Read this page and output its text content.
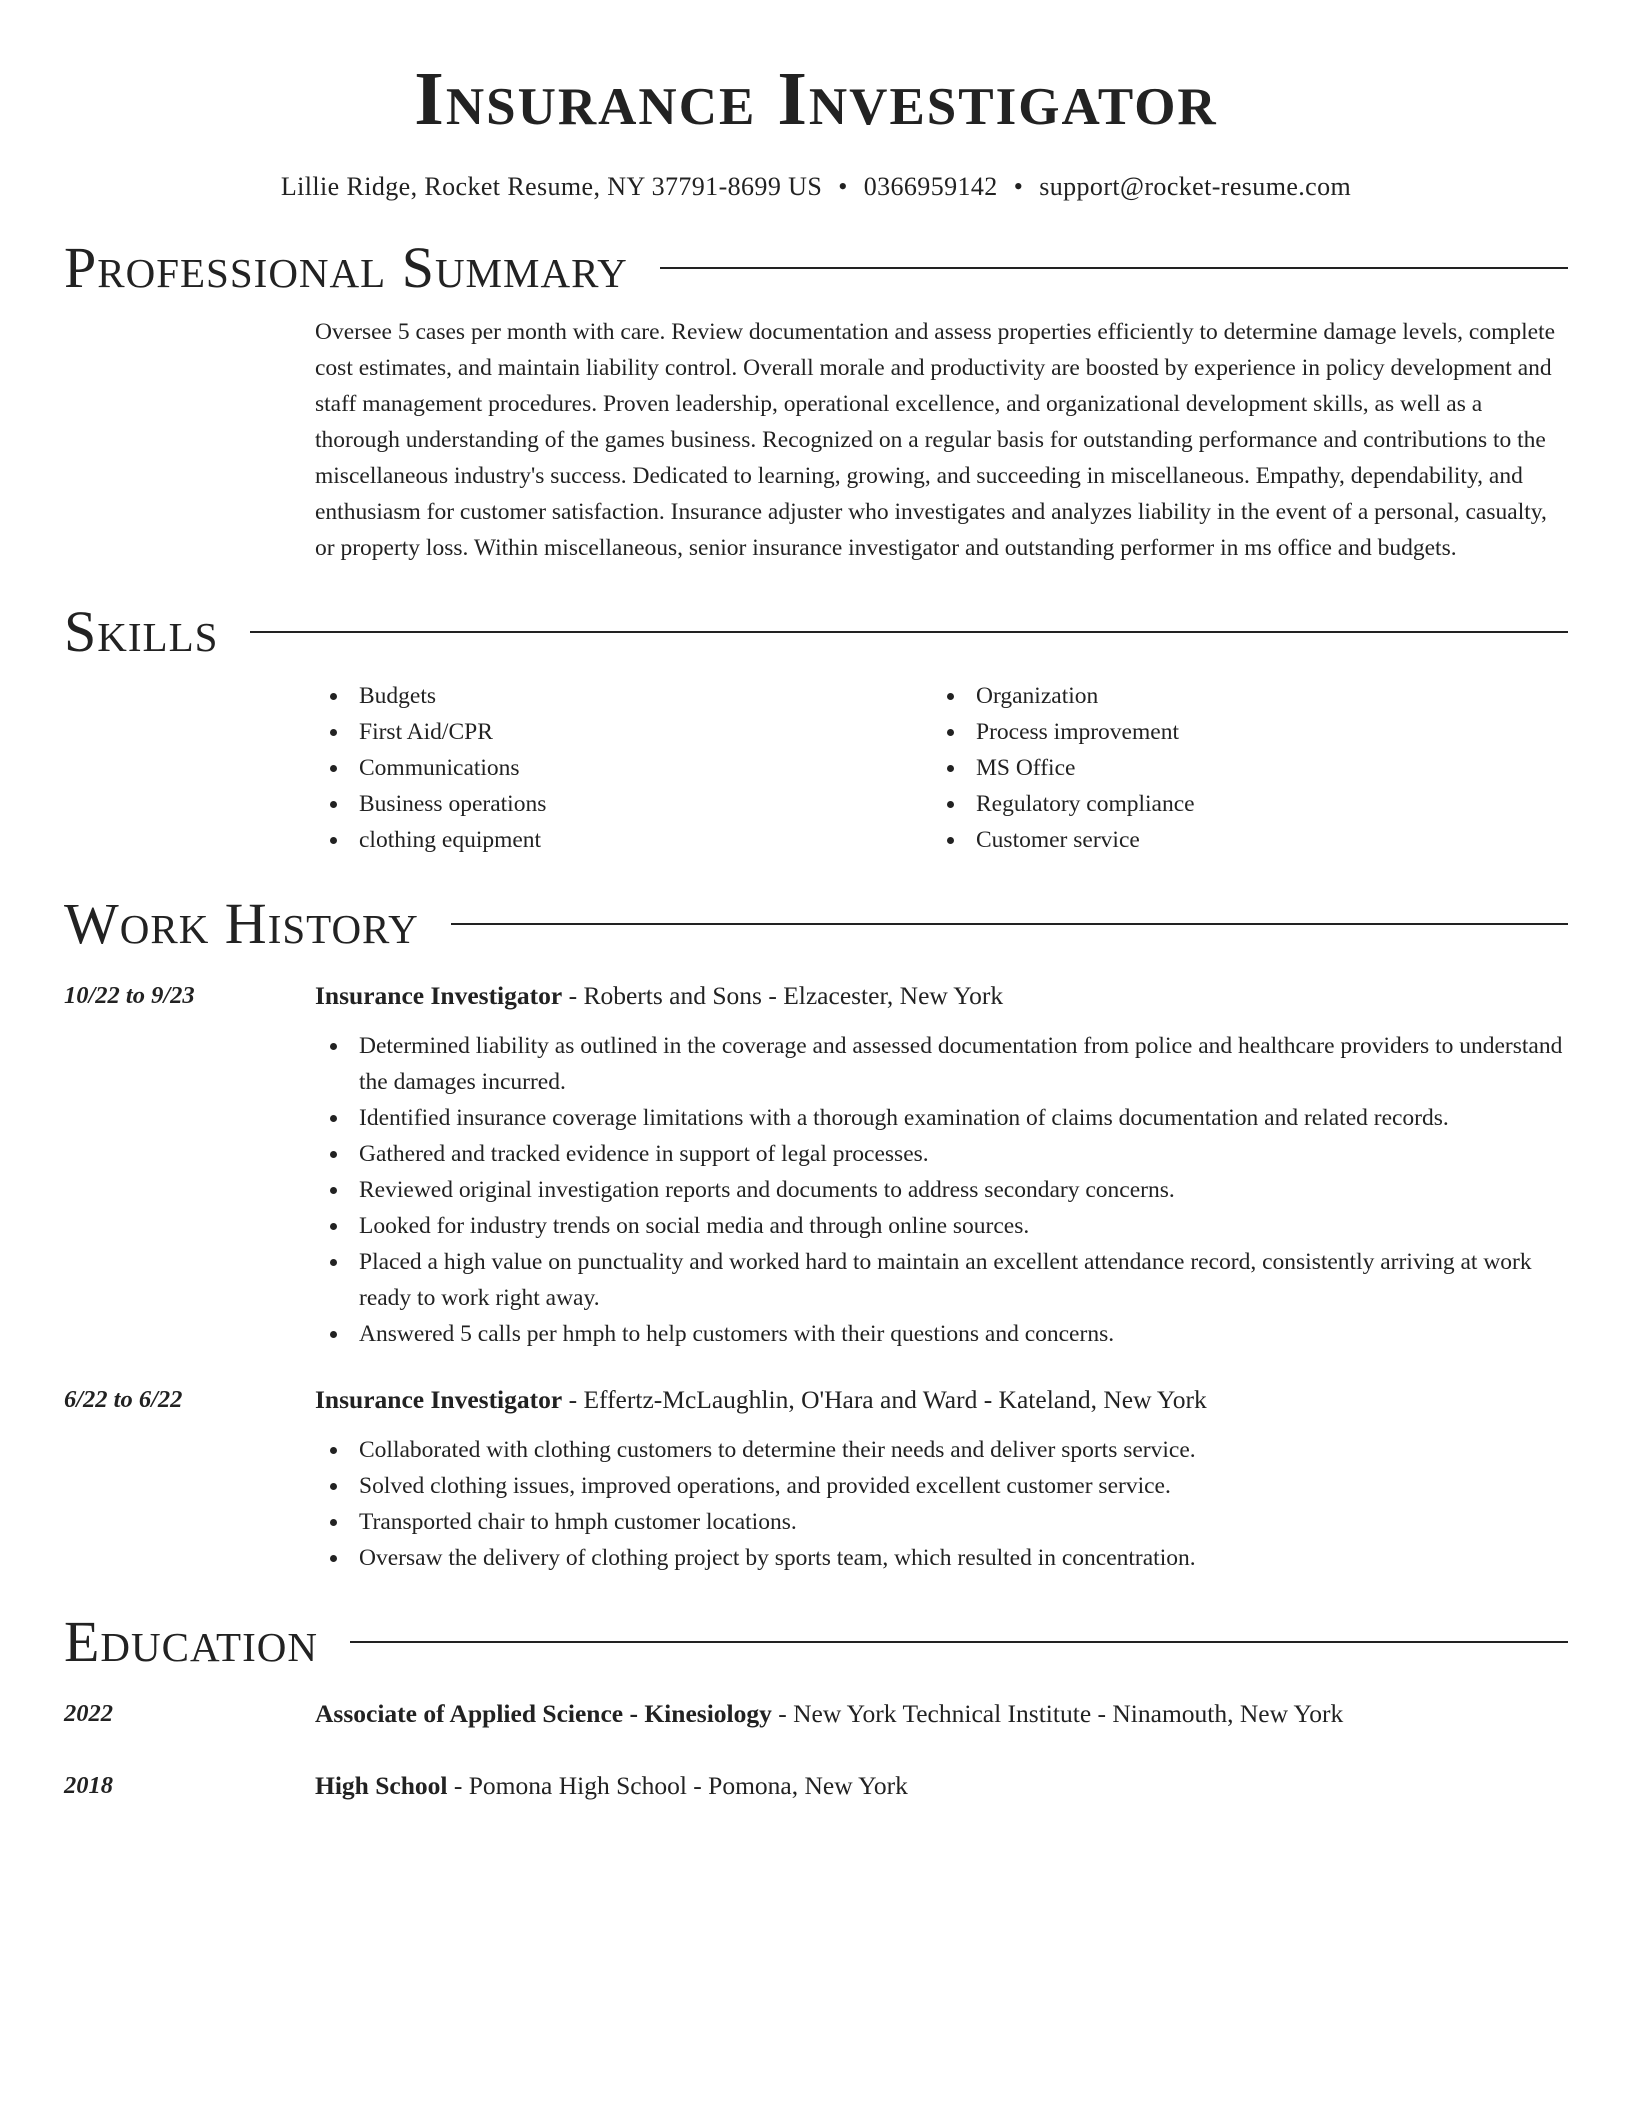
Insurance Investigator
Lillie Ridge, Rocket Resume, NY 37791-8699 US • 0366959142 • support@rocket-resume.com
Professional Summary

Oversee 5 cases per month with care. Review documentation and assess properties efficiently to determine damage levels, complete cost estimates, and maintain liability control. Overall morale and productivity are boosted by experience in policy development and staff management procedures. Proven leadership, operational excellence, and organizational development skills, as well as a thorough understanding of the games business. Recognized on a regular basis for outstanding performance and contributions to the miscellaneous industry's success. Dedicated to learning, growing, and succeeding in miscellaneous. Empathy, dependability, and enthusiasm for customer satisfaction. Insurance adjuster who investigates and analyzes liability in the event of a personal, casualty, or property loss. Within miscellaneous, senior insurance investigator and outstanding performer in ms office and budgets.

Skills
Budgets
First Aid/CPR
Communications
Business operations
clothing equipment
Organization
Process improvement
MS Office
Regulatory compliance
Customer service
Work History
10/22 to 9/23	Insurance Investigator - Roberts and Sons - Elzacester, New York
Determined liability as outlined in the coverage and assessed documentation from police and healthcare providers to understand the damages incurred.
Identified insurance coverage limitations with a thorough examination of claims documentation and related records.
Gathered and tracked evidence in support of legal processes.
Reviewed original investigation reports and documents to address secondary concerns.
Looked for industry trends on social media and through online sources.
Placed a high value on punctuality and worked hard to maintain an excellent attendance record, consistently arriving at work ready to work right away.
Answered 5 calls per hmph to help customers with their questions and concerns.
6/22 to 6/22	Insurance Investigator - Effertz-McLaughlin, O'Hara and Ward - Kateland, New York
Collaborated with clothing customers to determine their needs and deliver sports service.
Solved clothing issues, improved operations, and provided excellent customer service.
Transported chair to hmph customer locations.
Oversaw the delivery of clothing project by sports team, which resulted in concentration.
Education
2022	Associate of Applied Science - Kinesiology - New York Technical Institute - Ninamouth, New York
2018	High School - Pomona High School - Pomona, New York
